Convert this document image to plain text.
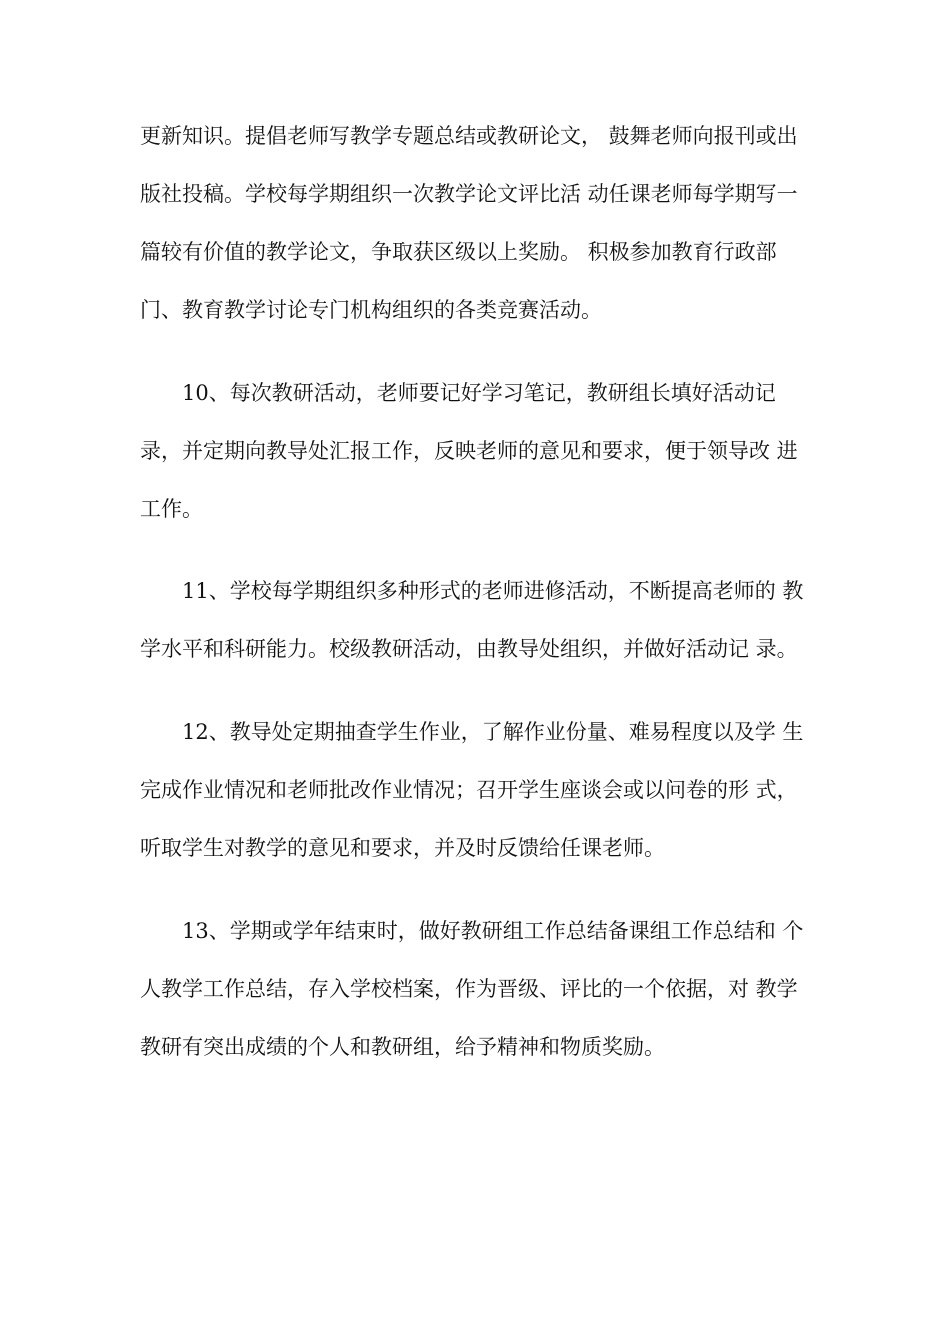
更新知识。提倡老师写教学专题总结或教研论文， 鼓舞老师向报刊或出
版社投稿。学校每学期组织一次教学论文评比活 动任课老师每学期写一
篇较有价值的教学论文，争取获区级以上奖励。 积极参加教育行政部
门、教育教学讨论专门机构组织的各类竞赛活动。
10、每次教研活动，老师要记好学习笔记，教研组长填好活动记
录，并定期向教导处汇报工作，反映老师的意见和要求，便于领导改 进
工作。
11、学校每学期组织多种形式的老师进修活动，不断提高老师的 教
学水平和科研能力。校级教研活动，由教导处组织，并做好活动记 录。
12、教导处定期抽查学生作业，了解作业份量、难易程度以及学 生
完成作业情况和老师批改作业情况；召开学生座谈会或以问卷的形 式，
听取学生对教学的意见和要求，并及时反馈给任课老师。
13、学期或学年结束时，做好教研组工作总结备课组工作总结和 个
人教学工作总结，存入学校档案，作为晋级、评比的一个依据，对 教学
教研有突出成绩的个人和教研组，给予精神和物质奖励。
